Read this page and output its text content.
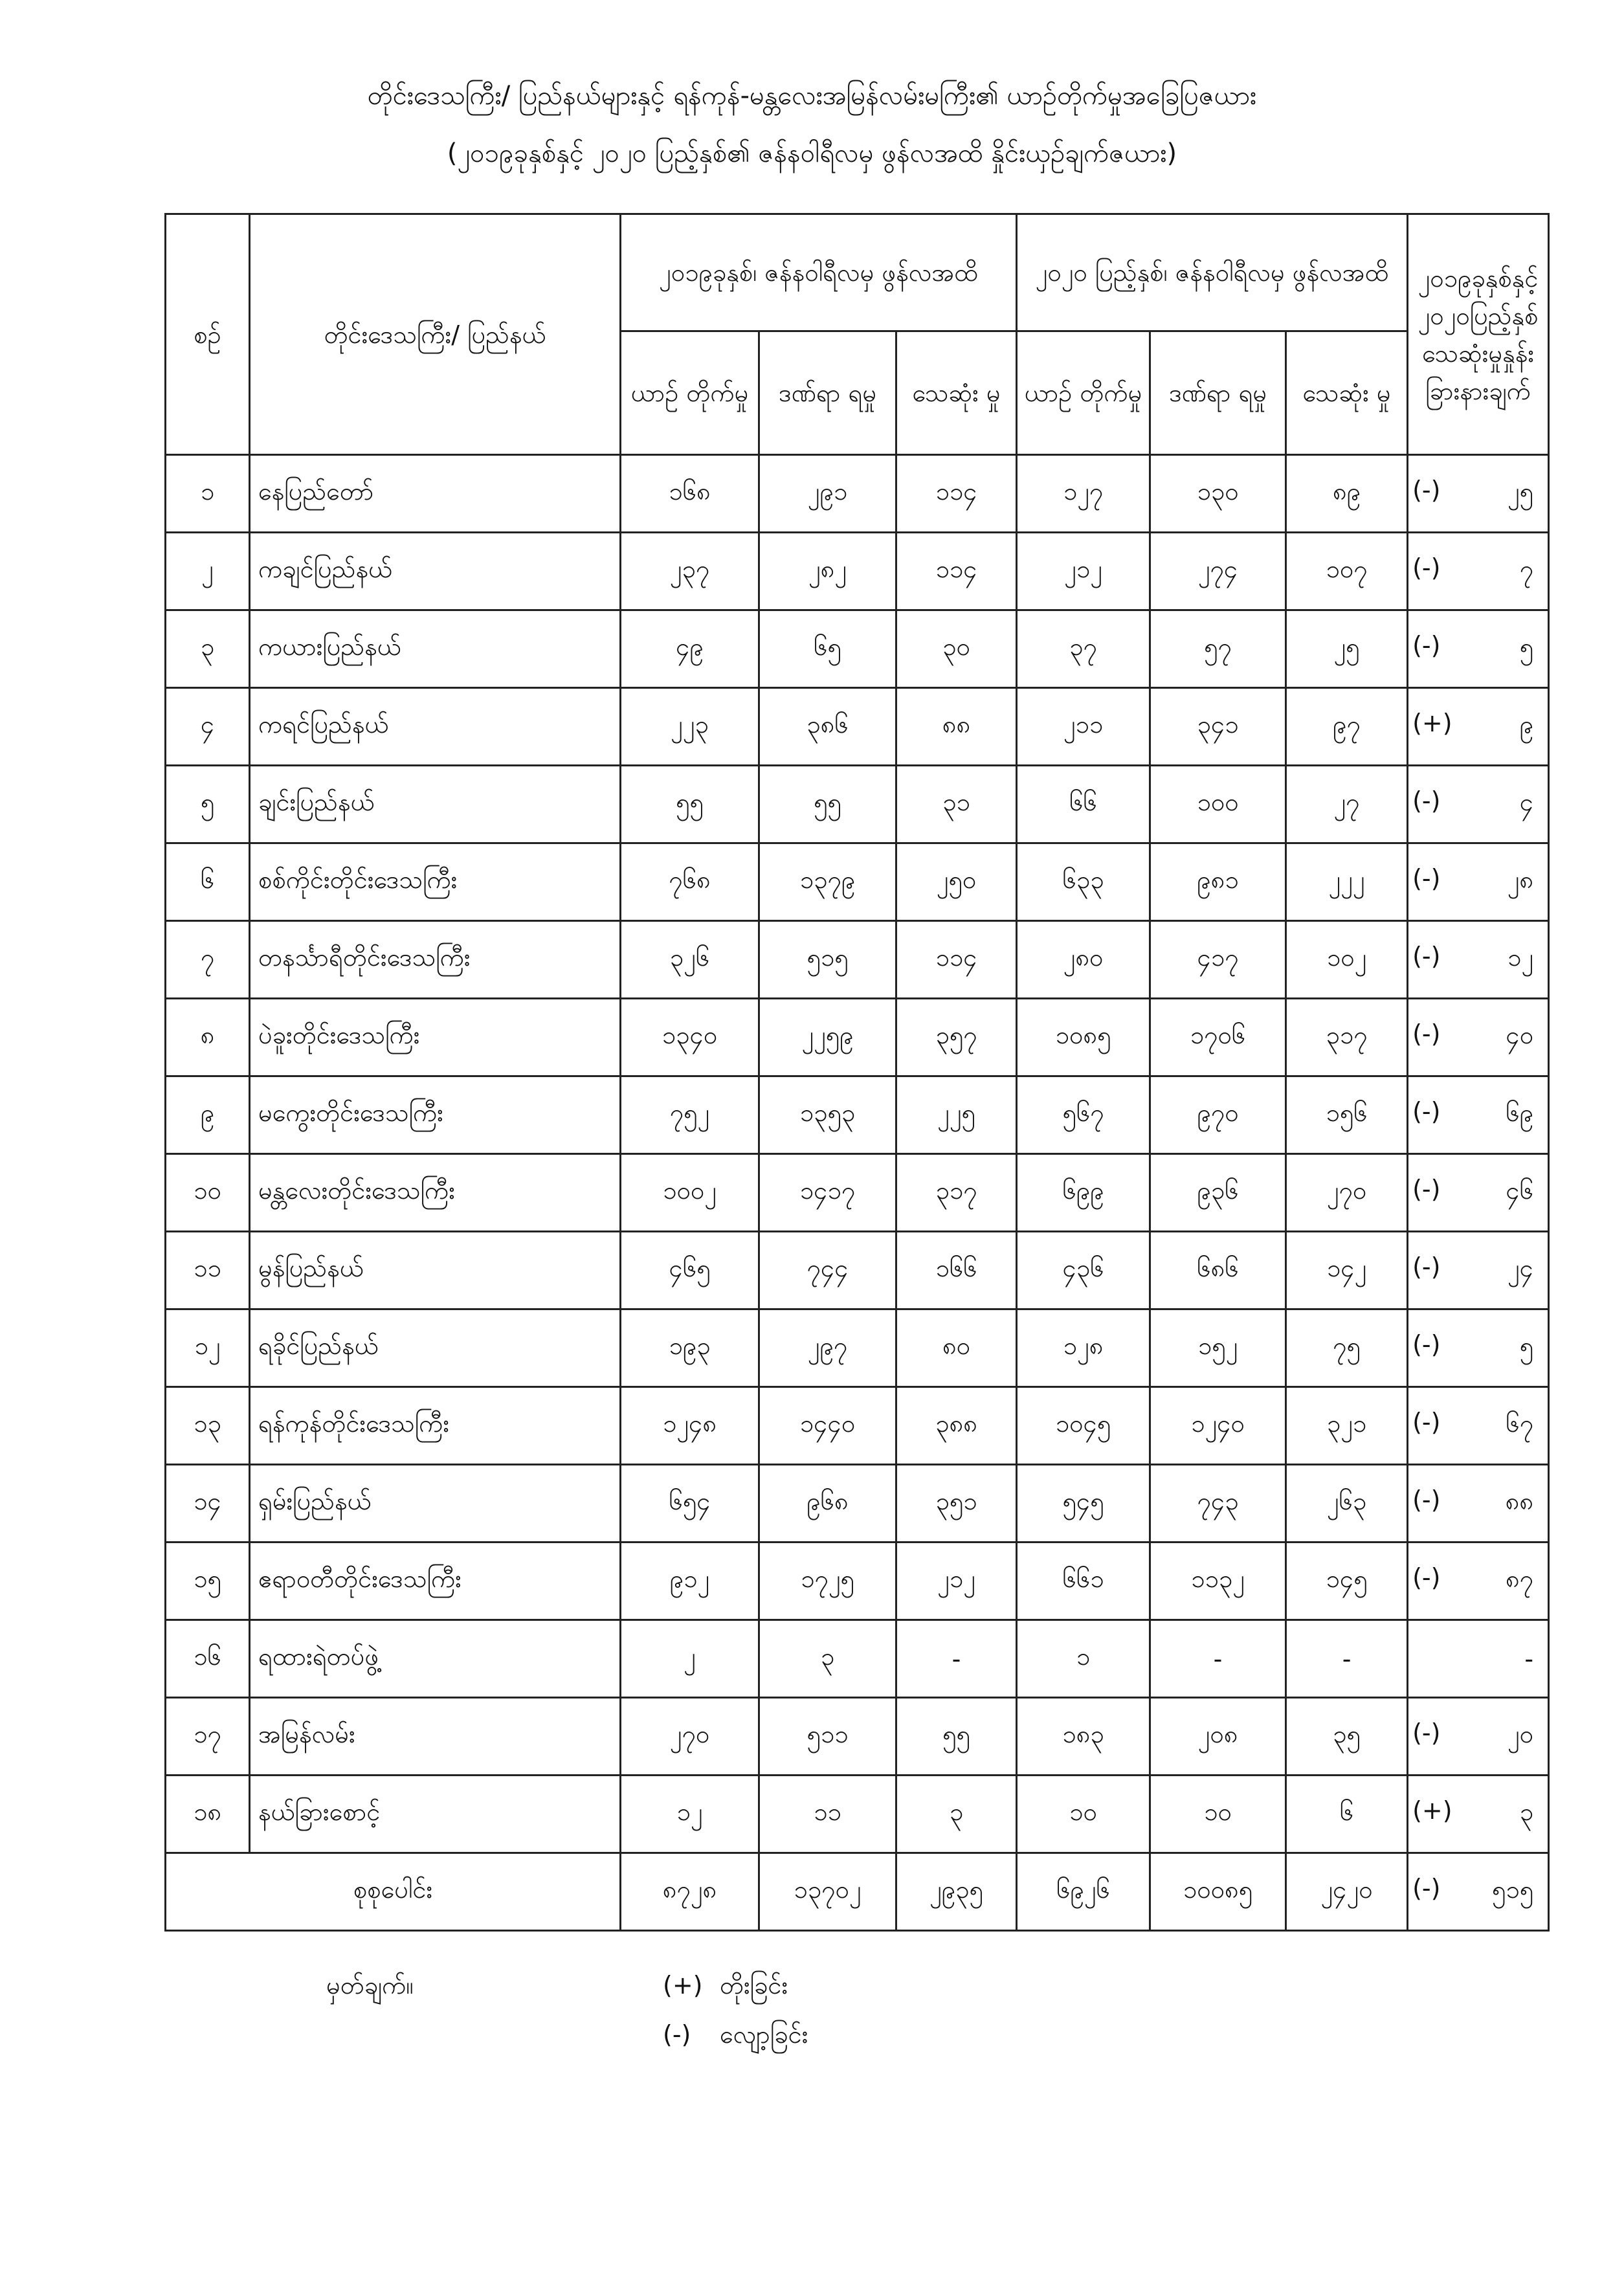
တိုင်းဒေသကြီး/ ပြည်နယ်များနှင့် ရန်ကုန်-မန္တလေးအမြန်လမ်းမကြီး၏ ယာဉ်တိုက်မှုအခြေပြဇယား
(၂၀၁၉ခုနှစ်နှင့် ၂၀၂၀ ပြည့်နှစ်၏ ဇန်နဝါရီလမှ ဖွန်လအထိ နှိုင်းယှဉ်ချက်ဇယား)
စဉ်	တိုင်းဒေသကြီး/ ပြည်နယ်	၂၀၁၉ခုနှစ်၊ ဇန်နဝါရီလမှ ဖွန်လအထိ			၂၀၂၀ ပြည့်နှစ်၊ ဇန်နဝါရီလမှ ဖွန်လအထိ			၂၀၁၉ခုနှစ်နှင့် ၂၀၂၀ပြည့်နှစ် သေဆုံးမှုနှုန်း ခြားနားချက်
		ယာဉ် တိုက်မှု	ဒဏ်ရာ ရမှု	သေဆုံး မှု	ယာဉ် တိုက်မှု	ဒဏ်ရာ ရမှု	သေဆုံး မှု	
၁	နေပြည်တော်	၁၆၈	၂၉၁	၁၁၄	၁၂၇	၁၃၀	၈၉	(-) ၂၅

၂	ကချင်ပြည်နယ်	၂၃၇	၂၈၂	၁၁၄	၂၁၂	၂၇၄	၁၀၇	(-) ၇

၃	ကယားပြည်နယ်	၄၉	၆၅	၃၀	၃၇	၅၇	၂၅	(-) ၅

၄	ကရင်ပြည်နယ်	၂၂၃	၃၈၆	၈၈	၂၁၁	၃၄၁	၉၇	(+) ၉

၅	ချင်းပြည်နယ်	၅၅	၅၅	၃၁	၆၆	၁၀၀	၂၇	(-) ၄

၆	စစ်ကိုင်းတိုင်းဒေသကြီး	၇၆၈	၁၃၇၉	၂၅၀	၆၃၃	၉၈၁	၂၂၂	(-) ၂၈

၇	တနင်္သာရီတိုင်းဒေသကြီး	၃၂၆	၅၁၅	၁၁၄	၂၈၀	၄၁၇	၁၀၂	(-) ၁၂

၈	ပဲခူးတိုင်းဒေသကြီး	၁၃၄၀	၂၂၅၉	၃၅၇	၁၀၈၅	၁၇၀၆	၃၁၇	(-) ၄၀

၉	မကွေးတိုင်းဒေသကြီး	၇၅၂	၁၃၅၃	၂၂၅	၅၆၇	၉၇၀	၁၅၆	(-) ၆၉

၁၀	မန္တလေးတိုင်းဒေသကြီး	၁၀၀၂	၁၄၁၇	၃၁၇	၆၉၉	၉၃၆	၂၇၀	(-) ၄၆

၁၁	မွန်ပြည်နယ်	၄၆၅	၇၄၄	၁၆၆	၄၃၆	၆၈၆	၁၄၂	(-) ၂၄

၁၂	ရခိုင်ပြည်နယ်	၁၉၃	၂၉၇	၈၀	၁၂၈	၁၅၂	၇၅	(-) ၅

၁၃	ရန်ကုန်တိုင်းဒေသကြီး	၁၂၄၈	၁၄၄၀	၃၈၈	၁၀၄၅	၁၂၄၀	၃၂၁	(-) ၆၇

၁၄	ရှမ်းပြည်နယ်	၆၅၄	၉၆၈	၃၅၁	၅၄၅	၇၄၃	၂၆၃	(-) ၈၈

၁၅	ဧရာဝတီတိုင်းဒေသကြီး	၉၁၂	၁၇၂၅	၂၁၂	၆၆၁	၁၁၃၂	၁၄၅	(-) ၈၇

၁၆	ရထားရဲတပ်ဖွဲ့	၂	၃	-	၁	-	-	-

၁၇	အမြန်လမ်း	၂၇၀	၅၁၁	၅၅	၁၈၃	၂၀၈	၃၅	(-) ၂၀

၁၈	နယ်ခြားစောင့်	၁၂	၁၁	၃	၁၀	၁၀	၆	(+) ၃

စုစုပေါင်း		၈၇၂၈	၁၃၇၀၂	၂၉၃၅	၆၉၂၆	၁၀၀၈၅	၂၄၂၀	(-) ၅၁၅
မှတ်ချက်။	(+) တိုးခြင်း
(-) လျော့ခြင်း
